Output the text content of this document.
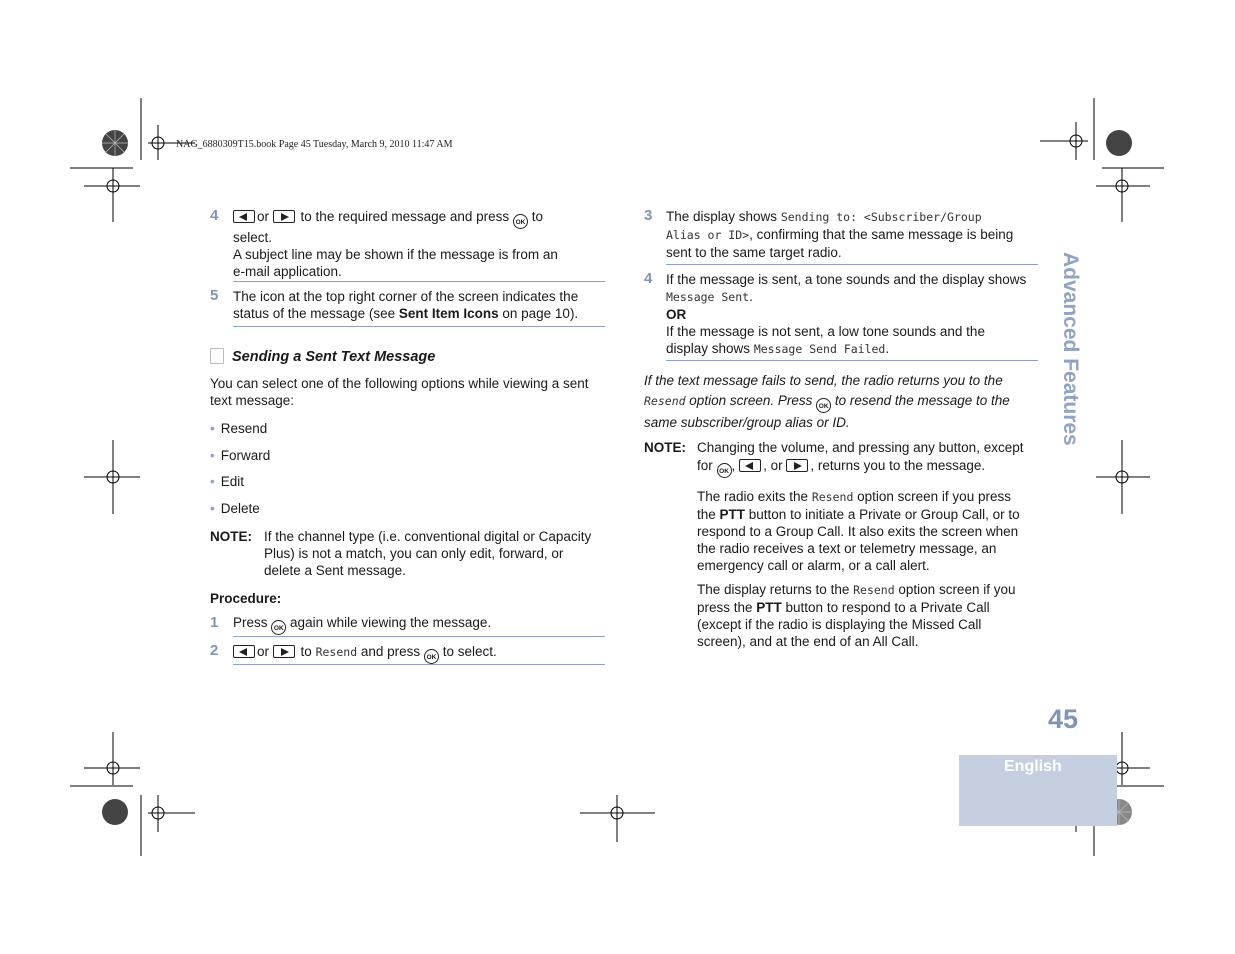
NAG_6880309T15.book Page 45 Tuesday, March 9, 2010 11:47 AM
Advanced Features
45
English
4	or to the required message and press OK to
select.
A subject line may be shown if the message is from an
e-mail application.
5 The icon at the top right corner of the screen indicates the
status of the message (see Sent Item Icons on page 10).
Sending a Sent Text Message
You can select one of the following options while viewing a sent
text message:
• Resend
• Forward
• Edit
• Delete
NOTE: If the channel type (i.e. conventional digital or Capacity
Plus) is not a match, you can only edit, forward, or
delete a Sent message.
Procedure:
1 Press OK again while viewing the message.
2	or to Resend and press OK to select.
3 The display shows Sending to: <Subscriber/Group
Alias or ID>, confirming that the same message is being
sent to the same target radio.
4 If the message is sent, a tone sounds and the display shows
Message Sent.
OR
If the message is not sent, a low tone sounds and the
display shows Message Send Failed.
If the text message fails to send, the radio returns you to the
Resend option screen. Press OK to resend the message to the
same subscriber/group alias or ID.
NOTE: Changing the volume, and pressing any button, except
for OK , , or , returns you to the message.
The radio exits the Resend option screen if you press
the PTT button to initiate a Private or Group Call, or to
respond to a Group Call. It also exits the screen when
the radio receives a text or telemetry message, an
emergency call or alarm, or a call alert.
The display returns to the Resend option screen if you
press the PTT button to respond to a Private Call
(except if the radio is displaying the Missed Call
screen), and at the end of an All Call.
